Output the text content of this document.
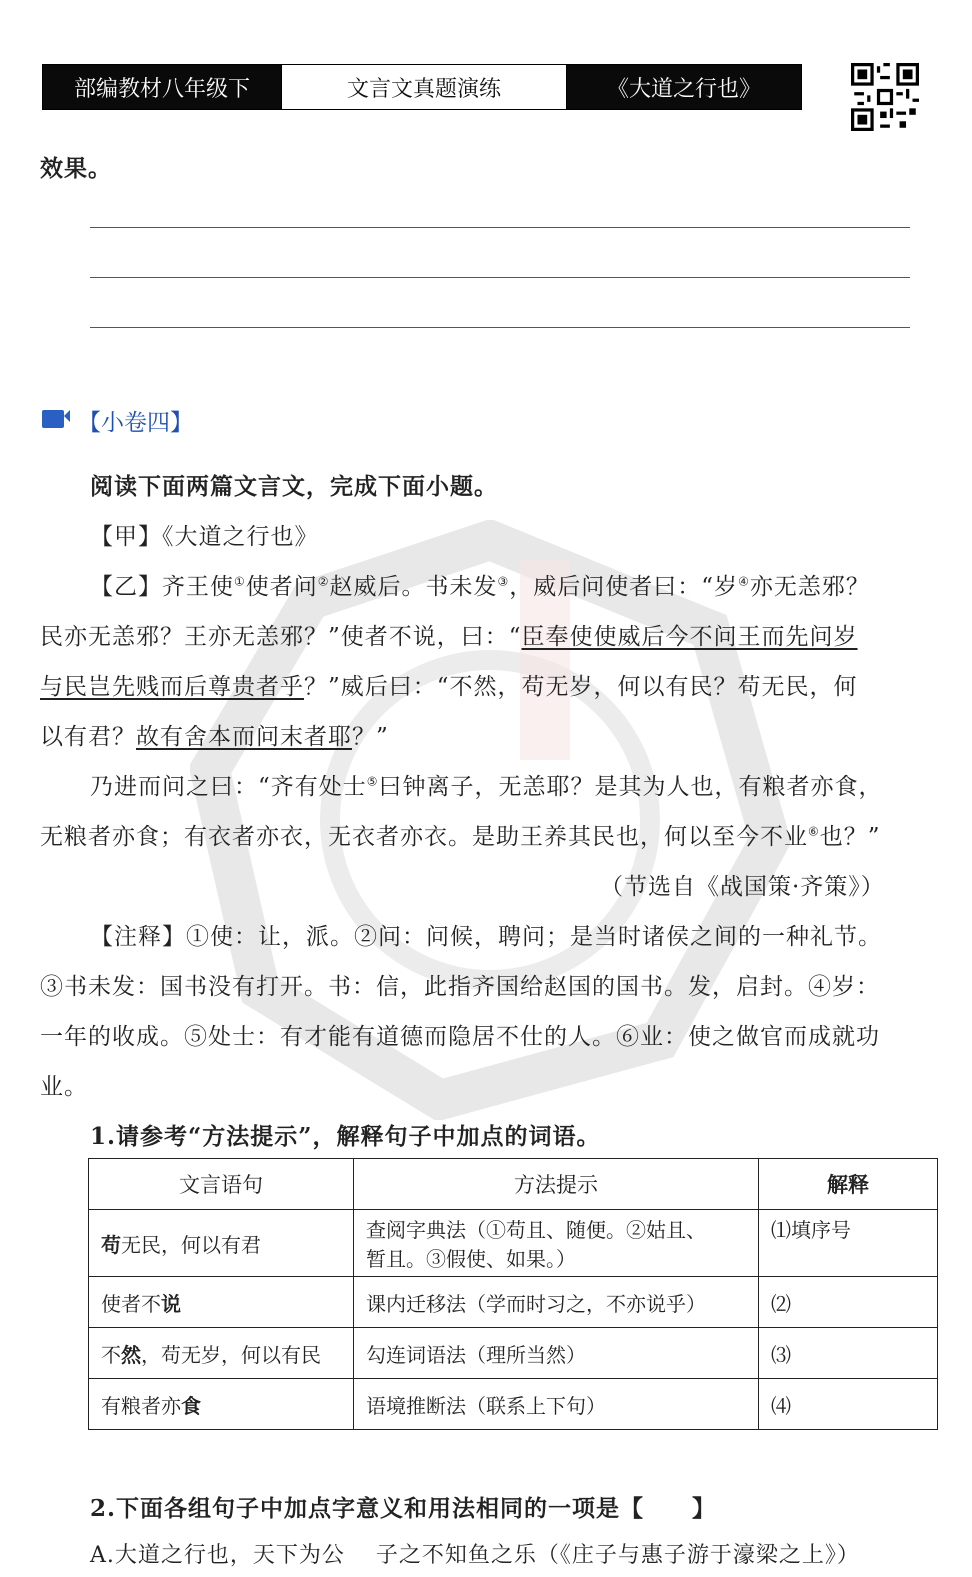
部编教材八年级下	文言文真题演练	《大道之行也》
效果。
【小卷四】
阅读下面两篇文言文，完成下面小题。
【甲】《大道之行也》
【乙】齐王使①使者问②赵威后。书未发③，威后问使者曰：“岁④亦无恙邪？
民亦无恙邪？王亦无恙邪？”使者不说，曰：“臣奉使使威后今不问王而先问岁
与民岂先贱而后尊贵者乎？”威后曰：“不然，苟无岁，何以有民？苟无民，何
以有君？故有舍本而问末者耶？”
乃进而问之曰：“齐有处士⑤曰钟离子，无恙耶？是其为人也，有粮者亦食，
无粮者亦食；有衣者亦衣，无衣者亦衣。是助王养其民也，何以至今不业⑥也？”
（节选自《战国策·齐策》）
【注释】①使：让，派。②问：问候，聘问；是当时诸侯之间的一种礼节。
③书未发：国书没有打开。书：信，此指齐国给赵国的国书。发，启封。④岁：
一年的收成。⑤处士：有才能有道德而隐居不仕的人。⑥业：使之做官而成就功
业。
1.请参考“方法提示”，解释句子中加点的词语。
文言语句	方法提示	解释
苟无民，何以有君	查阅字典法（①苟且、随便。②姑且、
暂且。③假使、如果。）	⑴填序号
使者不说	课内迁移法（学而时习之，不亦说乎）	⑵
不然，苟无岁，何以有民	勾连词语法（理所当然）	⑶
有粮者亦食	语境推断法（联系上下句）	⑷
2.下面各组句子中加点字意义和用法相同的一项是【　　】
A.大道之行也，天下为公　 子之不知鱼之乐（《庄子与惠子游于濠梁之上》）
